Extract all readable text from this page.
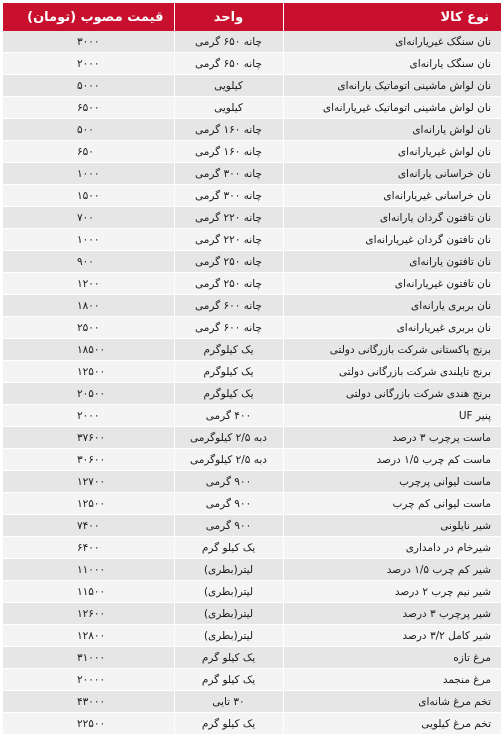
نوع کالا	واحد	قیمت مصوب (تومان)
نان سنگک غیریارانه‌ای	چانه ۶۵۰ گرمی	۳۰۰۰
نان سنگک یارانه‌ای	چانه ۶۵۰ گرمی	۲۰۰۰
نان لواش ماشینی اتوماتیک یارانه‌ای	کیلویی	۵۰۰۰
نان لواش ماشینی اتوماتیک غیریارانه‌ای	کیلویی	۶۵۰۰
نان لواش یارانه‌ای	چانه ۱۶۰ گرمی	۵۰۰
نان لواش غیریارانه‌ای	چانه ۱۶۰ گرمی	۶۵۰
نان خراسانی یارانه‌ای	چانه ۳۰۰ گرمی	۱۰۰۰
نان خراسانی غیریارانه‌ای	چانه ۳۰۰ گرمی	۱۵۰۰
نان تافتون گردان یارانه‌ای	چانه ۲۲۰ گرمی	۷۰۰
نان تافتون گردان غیریارانه‌ای	چانه ۲۲۰ گرمی	۱۰۰۰
نان تافتون یارانه‌ای	چانه ۲۵۰ گرمی	۹۰۰
نان تافتون غیریارانه‌ای	چانه ۲۵۰ گرمی	۱۲۰۰
نان بربری یارانه‌ای	چانه ۶۰۰ گرمی	۱۸۰۰
نان بربری غیریارانه‌ای	چانه ۶۰۰ گرمی	۲۵۰۰
برنج پاکستانی شرکت بازرگانی دولتی	یک کیلوگرم	۱۸۵۰۰
برنج تایلندی شرکت بازرگانی دولتی	یک کیلوگرم	۱۲۵۰۰
برنج هندی شرکت بازرگانی دولتی	یک کیلوگرم	۲۰۵۰۰
پنیر UF	۴۰۰ گرمی	۲۰۰۰
ماست پرچرب ۳ درصد	دبه ۲/۵ کیلوگرمی	۳۷۶۰۰
ماست کم چرب ۱/۵ درصد	دبه ۲/۵ کیلوگرمی	۳۰۶۰۰
ماست لیوانی پرچرب	۹۰۰ گرمی	۱۲۷۰۰
ماست لیوانی کم چرب	۹۰۰ گرمی	۱۲۵۰۰
شیر نایلونی	۹۰۰ گرمی	۷۴۰۰
شیرخام در دامداری	یک کیلو گرم	۶۴۰۰
شیر کم چرب ۱/۵ درصد	لیتر(بطری)	۱۱۰۰۰
شیر نیم چرب ۲ درصد	لیتر(بطری)	۱۱۵۰۰
شیر پرچرب ۳ درصد	لیتر(بطری)	۱۲۶۰۰
شیر کامل ۳/۲ درصد	لیتر(بطری)	۱۲۸۰۰
مرغ تازه	یک کیلو گرم	۳۱۰۰۰
مرغ منجمد	یک کیلو گرم	۲۰۰۰۰
تخم مرغ شانه‌ای	۳۰ تایی	۴۳۰۰۰
تخم مرغ کیلویی	یک کیلو گرم	۲۲۵۰۰
